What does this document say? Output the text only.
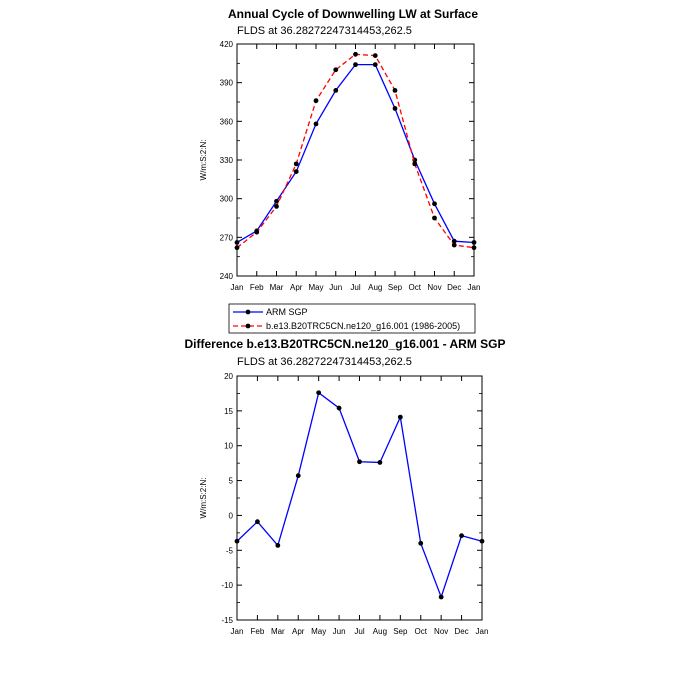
Annual Cycle of Downwelling LW at Surface
FLDS at 36.28272247314453,262.5
W/m:S:2:N:
240
270
300
330
360
390
420
Jan Feb Mar Apr May Jun Jul Aug Sep Oct Nov Dec Jan
ARM SGP
b.e13.B20TRC5CN.ne120_g16.001 (1986-2005)
Difference b.e13.B20TRC5CN.ne120_g16.001 - ARM SGP
FLDS at 36.28272247314453,262.5
W/m:S:2:N:
-15
-10
-5
0
5
10
15
20
Jan Feb Mar Apr May Jun Jul Aug Sep Oct Nov Dec Jan
